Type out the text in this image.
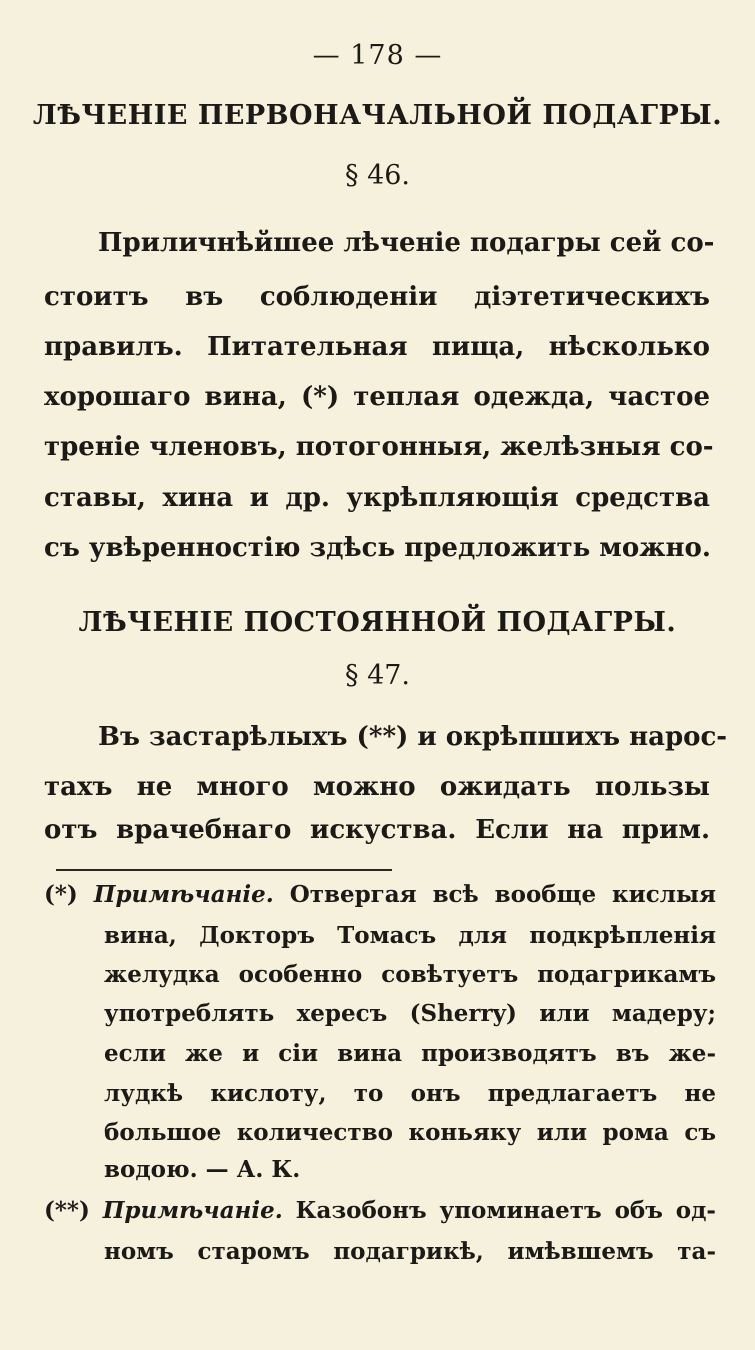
— 178 —
ЛѢЧЕНІЕ ПЕРВОНАЧАЛЬНОЙ ПОДАГРЫ.
§ 46.
Приличнѣйшее лѣченіе подагры сей со-
стоитъ въ соблюденіи діэтетическихъ
правилъ. Питательная пища, нѣсколько
хорошаго вина, (*) теплая одежда, частое
треніе членовъ, потогонныя, желѣзныя со-
ставы, хина и др. укрѣпляющія средства
съ увѣренностію здѣсь предложить можно.
ЛѢЧЕНІЕ ПОСТОЯННОЙ ПОДАГРЫ.
§ 47.
Въ застарѣлыхъ (**) и окрѣпшихъ нарос-
тахъ не много можно ожидать пользы
отъ врачебнаго искуства. Если на прим.
(*) Примѣчаніе. Отвергая всѣ вообще кислыя
вина, Докторъ Томасъ для подкрѣпленія
желудка особенно совѣтуетъ подагрикамъ
употреблять хересъ (Sherry) или мадеру;
если же и сіи вина производятъ въ же-
лудкѣ кислоту, то онъ предлагаетъ не
большое количество коньяку или рома съ
водою. — А. К.
(**) Примѣчаніе. Казобонъ упоминаетъ объ од-
номъ старомъ подагрикѣ, имѣвшемъ та-
